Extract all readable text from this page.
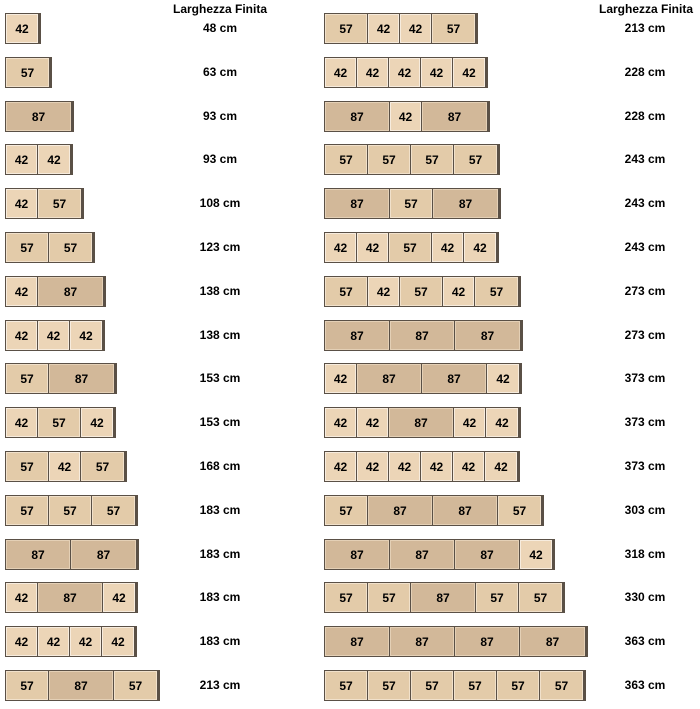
Larghezza Finita	Larghezza Finita
42	48 cm
57	63 cm
87	93 cm
42	42	93 cm
42	57	108 cm
57	57	123 cm
42	87	138 cm
42	42	42	138 cm
57	87	153 cm
42	57	42	153 cm
57	42	57	168 cm
57	57	57	183 cm
87	87	183 cm
42	87	42	183 cm
42	42	42	42	183 cm
57	87	57	213 cm
57	42	42	57	213 cm
42	42	42	42	42	228 cm
87	42	87	228 cm
57	57	57	57	243 cm
87	57	87	243 cm
42	42	57	42	42	243 cm
57	42	57	42	57	273 cm
87	87	87	273 cm
42	87	87	42	373 cm
42	42	87	42	42	373 cm
42	42	42	42	42	42	373 cm
57	87	87	57	303 cm
87	87	87	42	318 cm
57	57	87	57	57	330 cm
87	87	87	87	363 cm
57	57	57	57	57	57	363 cm
